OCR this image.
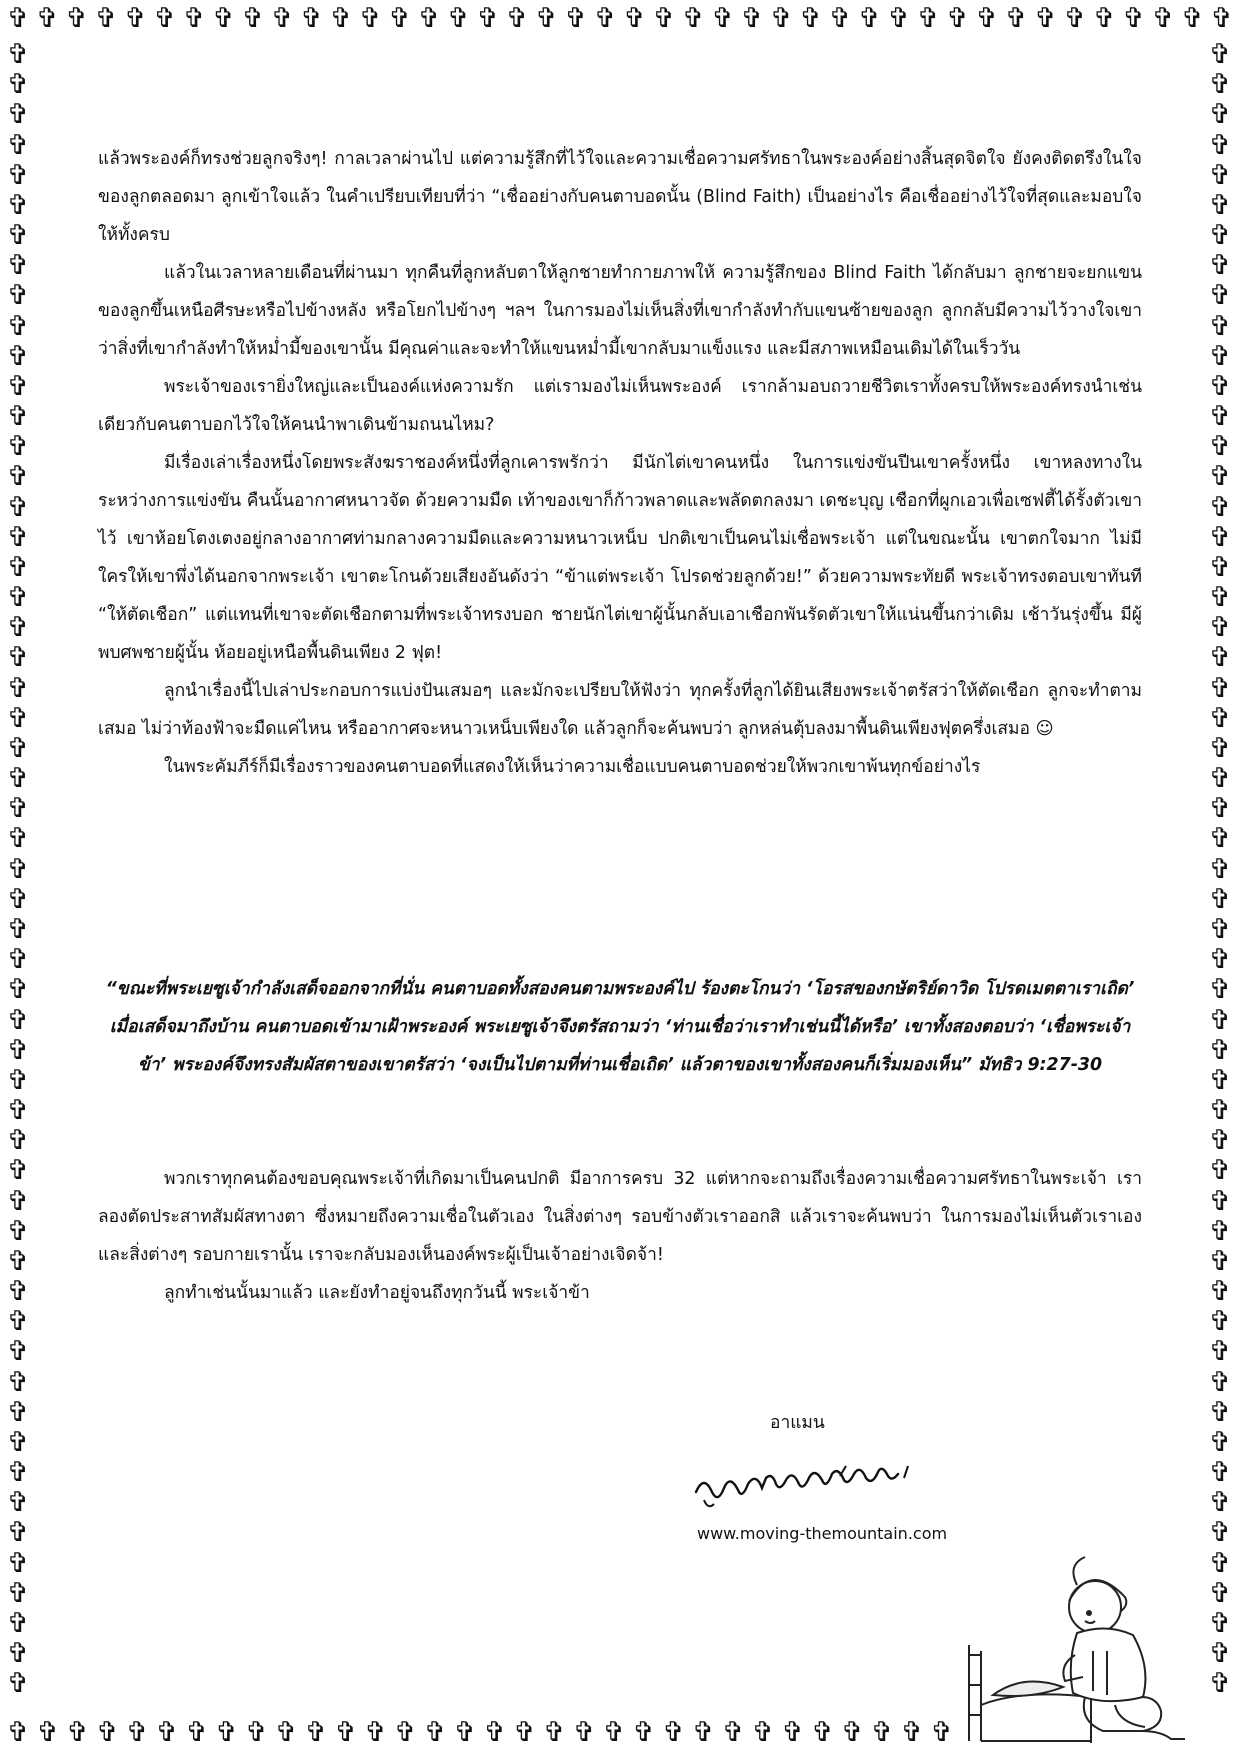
✞ ✞ ✞ ✞ ✞ ✞ ✞ ✞ ✞ ✞ ✞ ✞ ✞ ✞ ✞ ✞ ✞ ✞ ✞ ✞ ✞ ✞ ✞ ✞ ✞ ✞ ✞ ✞ ✞ ✞ ✞ ✞ ✞ ✞ ✞ ✞ ✞ ✞ ✞ ✞ ✞ ✞
✞ ✞ ✞ ✞ ✞ ✞ ✞ ✞ ✞ ✞ ✞ ✞ ✞ ✞ ✞ ✞ ✞ ✞ ✞ ✞ ✞ ✞ ✞ ✞ ✞ ✞ ✞ ✞ ✞ ✞ ✞ ✞
✞
✞
✞
✞
✞
✞
✞
✞
✞
✞
✞
✞
✞
✞
✞
✞
✞
✞
✞
✞
✞
✞
✞
✞
✞
✞
✞
✞
✞
✞
✞
✞
✞
✞
✞
✞
✞
✞
✞
✞
✞
✞
✞
✞
✞
✞
✞
✞
✞
✞
✞
✞
✞
✞
✞
✞
✞
✞
✞
✞
✞
✞
✞
✞
✞
✞
✞
✞
✞
✞
✞
✞
✞
✞
✞
✞
✞
✞
✞
✞
✞
✞
✞
✞
✞
✞
✞
✞
✞
✞
✞
✞
✞
✞
✞
✞
✞
✞
✞
✞
✞
✞
✞
✞
✞
✞
✞
✞
✞
✞

แล้วพระองค์ก็ทรงช่วยลูกจริงๆ! กาลเวลาผ่านไป แต่ความรู้สึกที่ไว้ใจและความเชื่อความศรัทธาในพระองค์อย่างสิ้นสุดจิตใจ ยังคงติดตรึงในใจของลูกตลอดมา ลูกเข้าใจแล้ว ในคำเปรียบเทียบที่ว่า “เชื่ออย่างกับคนตาบอดนั้น (Blind Faith) เป็นอย่างไร คือเชื่ออย่างไว้ใจที่สุดและมอบใจให้ทั้งครบ

แล้วในเวลาหลายเดือนที่ผ่านมา ทุกคืนที่ลูกหลับตาให้ลูกชายทำกายภาพให้ ความรู้สึกของ Blind Faith ได้กลับมา ลูกชายจะยกแขนของลูกขึ้นเหนือศีรษะหรือไปข้างหลัง หรือโยกไปข้างๆ ฯลฯ ในการมองไม่เห็นสิ่งที่เขากำลังทำกับแขนซ้ายของลูก ลูกกลับมีความไว้วางใจเขาว่าสิ่งที่เขากำลังทำให้หม่ำมี้ของเขานั้น มีคุณค่าและจะทำให้แขนหม่ำมี้เขากลับมาแข็งแรง และมีสภาพเหมือนเดิมได้ในเร็ววัน

พระเจ้าของเรายิ่งใหญ่และเป็นองค์แห่งความรัก แต่เรามองไม่เห็นพระองค์ เรากล้ามอบถวายชีวิตเราทั้งครบให้พระองค์ทรงนำเช่นเดียวกับคนตาบอกไว้ใจให้คนนำพาเดินข้ามถนนไหม?

มีเรื่องเล่าเรื่องหนึ่งโดยพระสังฆราชองค์หนึ่งที่ลูกเคารพรักว่า มีนักไต่เขาคนหนึ่ง ในการแข่งขันปีนเขาครั้งหนึ่ง เขาหลงทางในระหว่างการแข่งขัน คืนนั้นอากาศหนาวจัด ด้วยความมืด เท้าของเขาก็ก้าวพลาดและพลัดตกลงมา เดชะบุญ เชือกที่ผูกเอวเพื่อเซฟตี้ได้รั้งตัวเขาไว้ เขาห้อยโตงเตงอยู่กลางอากาศท่ามกลางความมืดและความหนาวเหน็บ ปกติเขาเป็นคนไม่เชื่อพระเจ้า แต่ในขณะนั้น เขาตกใจมาก ไม่มีใครให้เขาพึ่งได้นอกจากพระเจ้า เขาตะโกนด้วยเสียงอันดังว่า “ข้าแต่พระเจ้า โปรดช่วยลูกด้วย!” ด้วยความพระทัยดี พระเจ้าทรงตอบเขาทันที “ให้ตัดเชือก” แต่แทนที่เขาจะตัดเชือกตามที่พระเจ้าทรงบอก ชายนักไต่เขาผู้นั้นกลับเอาเชือกพันรัดตัวเขาให้แน่นขึ้นกว่าเดิม เช้าวันรุ่งขึ้น มีผู้พบศพชายผู้นั้น ห้อยอยู่เหนือพื้นดินเพียง 2 ฟุต!

ลูกนำเรื่องนี้ไปเล่าประกอบการแบ่งปันเสมอๆ และมักจะเปรียบให้ฟังว่า ทุกครั้งที่ลูกได้ยินเสียงพระเจ้าตรัสว่าให้ตัดเชือก ลูกจะทำตามเสมอ ไม่ว่าท้องฟ้าจะมืดแค่ไหน หรืออากาศจะหนาวเหน็บเพียงใด แล้วลูกก็จะค้นพบว่า ลูกหล่นตุ้บลงมาพื้นดินเพียงฟุตครึ่งเสมอ ☺

ในพระคัมภีร์ก็มีเรื่องราวของคนตาบอดที่แสดงให้เห็นว่าความเชื่อแบบคนตาบอดช่วยให้พวกเขาพ้นทุกข์อย่างไร

“ขณะที่พระเยซูเจ้ากำลังเสด็จออกจากที่นั่น คนตาบอดทั้งสองคนตามพระองค์ไป ร้องตะโกนว่า ‘โอรสของกษัตริย์ดาวิด โปรดเมตตาเราเถิด’ เมื่อเสด็จมาถึงบ้าน คนตาบอดเข้ามาเฝ้าพระองค์ พระเยซูเจ้าจึงตรัสถามว่า ‘ท่านเชื่อว่าเราทำเช่นนี้ได้หรือ’ เขาทั้งสองตอบว่า ‘เชื่อพระเจ้าข้า’ พระองค์จึงทรงสัมผัสตาของเขาตรัสว่า ‘จงเป็นไปตามที่ท่านเชื่อเถิด’ แล้วตาของเขาทั้งสองคนก็เริ่มมองเห็น” มัทธิว 9:27-30

พวกเราทุกคนต้องขอบคุณพระเจ้าที่เกิดมาเป็นคนปกติ มีอาการครบ 32 แต่หากจะถามถึงเรื่องความเชื่อความศรัทธาในพระเจ้า เราลองตัดประสาทสัมผัสทางตา ซึ่งหมายถึงความเชื่อในตัวเอง ในสิ่งต่างๆ รอบข้างตัวเราออกสิ แล้วเราจะค้นพบว่า ในการมองไม่เห็นตัวเราเองและสิ่งต่างๆ รอบกายเรานั้น เราจะกลับมองเห็นองค์พระผู้เป็นเจ้าอย่างเจิดจ้า!

ลูกทำเช่นนั้นมาแล้ว และยังทำอยู่จนถึงทุกวันนี้ พระเจ้าข้า

อาแมน
www.moving-themountain.com
